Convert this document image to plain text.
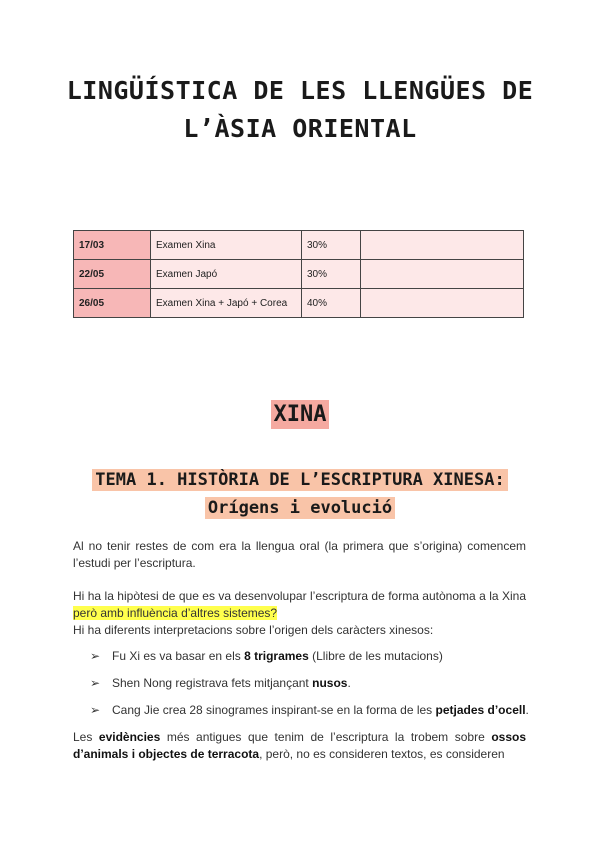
LINGÜÍSTICA DE LES LLENGÜES DE
L’ÀSIA ORIENTAL
17/03	Examen Xina	30%	
22/05	Examen Japó	30%	
26/05	Examen Xina + Japó + Corea	40%	
XINA
TEMA 1. HISTÒRIA DE L’ESCRIPTURA XINESA:
Orígens i evolució
Al no tenir restes de com era la llengua oral (la primera que s’origina) comencem l’estudi per l’escriptura.
Hi ha la hipòtesi de que es va desenvolupar l’escriptura de forma autònoma a la Xina però amb influència d’altres sistemes?
Hi ha diferents interpretacions sobre l’origen dels caràcters xinesos:
➢ Fu Xi es va basar en els 8 trigrames (Llibre de les mutacions)
➢ Shen Nong registrava fets mitjançant nusos.
➢ Cang Jie crea 28 sinogrames inspirant-se en la forma de les petjades d’ocell.
Les evidències més antigues que tenim de l’escriptura la trobem sobre ossos d’animals i objectes de terracota, però, no es consideren textos, es consideren
